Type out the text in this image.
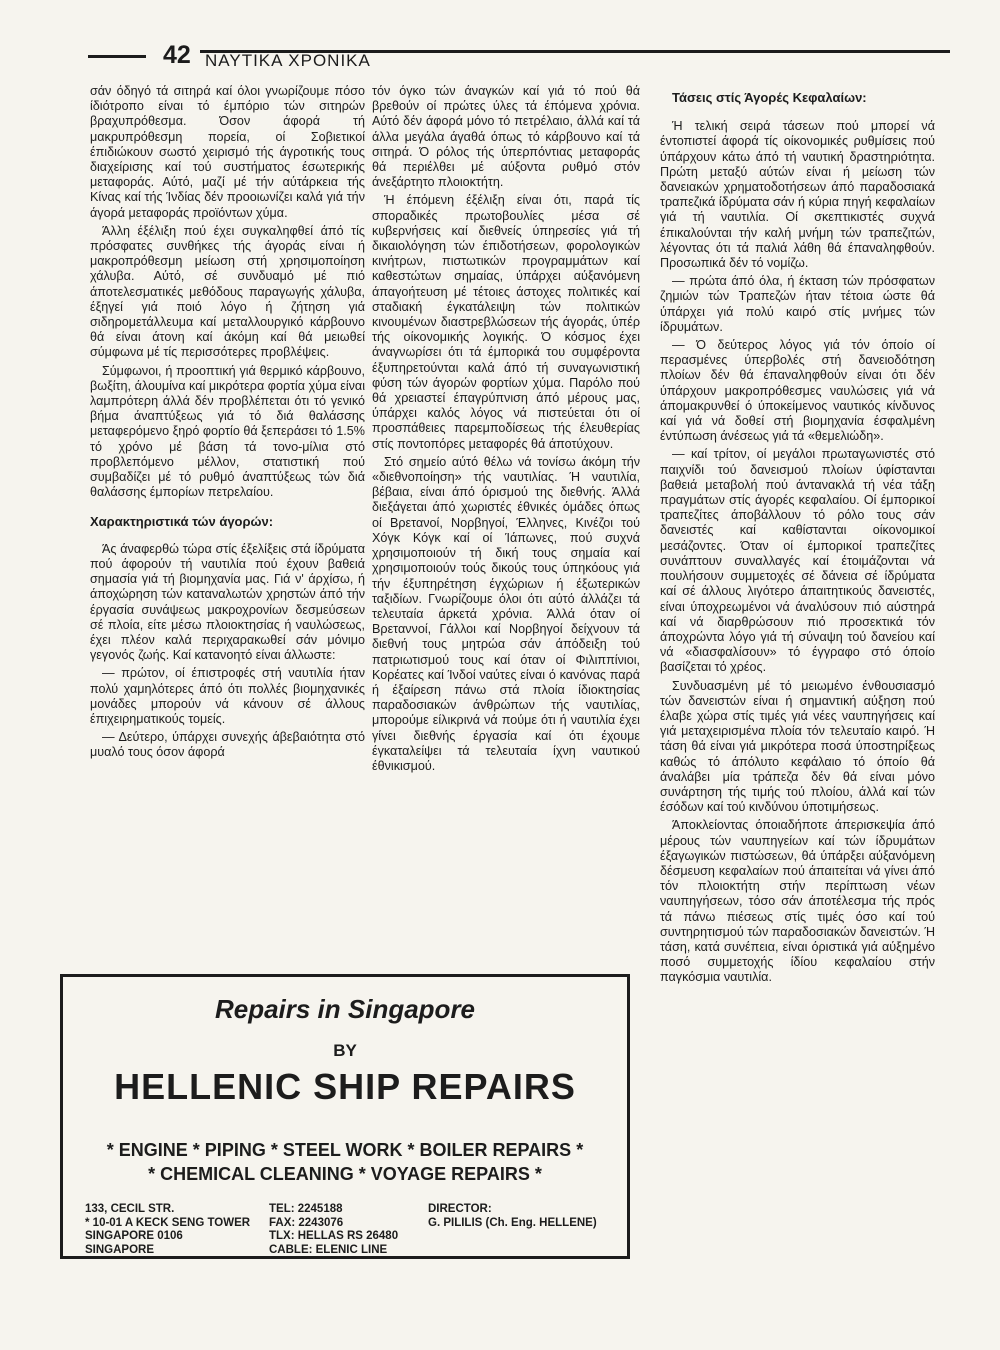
42 ΝΑΥΤΙΚΑ ΧΡΟΝΙΚΑ

σάν όδηγό τά σιτηρά καί όλοι γνωρίζουμε πόσο ίδιότροπο είναι τό έμπόριο τών σιτηρών βραχυπρόθεσμα. Όσον άφορά τή μακρυπρόθεσμη πορεία, οί Σοβιετικοί έπιδιώκουν σωστό χειρισμό τής άγροτικής τους διαχείρισης καί τού συστήματος έσωτερικής μεταφοράς. Αύτό, μαζί μέ τήν αύτάρκεια τής Κίνας καί τής Ίνδίας δέν προοιωνίζει καλά γιά τήν άγορά μεταφοράς προϊόντων χύμα.

Άλλη έξέλιξη πού έχει συγκαληφθεί άπό τίς πρόσφατες συνθήκες τής άγοράς είναι ή μακροπρόθεσμη μείωση στή χρησιμοποίηση χάλυβα. Αύτό, σέ συνδυαμό μέ πιό άποτελεσματικές μεθόδους παραγωγής χάλυβα, έξηγεί γιά ποιό λόγο ή ζήτηση γιά σιδηρομετάλλευμα καί μεταλλουργικό κάρβουνο θά είναι άτονη καί άκόμη καί θά μειωθεί σύμφωνα μέ τίς περισσότερες προβλέψεις.

Σύμφωνοι, ή προοπτική γιά θερμικό κάρβουνο, βωξίτη, άλουμίνα καί μικρότερα φορτία χύμα είναι λαμπρότερη άλλά δέν προβλέπεται ότι τό γενικό βήμα άναπτύξεως γιά τό διά θαλάσσης μεταφερόμενο ξηρό φορτίο θά ξεπεράσει τό 1.5% τό χρόνο μέ βάση τά τονο-μίλια στό προβλεπόμενο μέλλον, στατιστική πού συμβαδίζει μέ τό ρυθμό άναπτύξεως τών διά θαλάσσης έμπορίων πετρελαίου.

Χαρακτηριστικά τών άγορών:

Άς άναφερθώ τώρα στίς έξελίξεις στά ίδρύματα πού άφορούν τή ναυτιλία πού έχουν βαθειά σημασία γιά τή βιομηχανία μας. Γιά ν' άρχίσω, ή άποχώρηση τών καταναλωτών χρηστών άπό τήν έργασία συνάψεως μακροχρονίων δεσμεύσεων σέ πλοία, είτε μέσω πλοιοκτησίας ή ναυλώσεως, έχει πλέον καλά περιχαρακωθεί σάν μόνιμο γεγονός ζωής. Καί κατανοητό είναι άλλωστε:

— πρώτον, οί έπιστροφές στή ναυτιλία ήταν πολύ χαμηλότερες άπό ότι πολλές βιομηχανικές μονάδες μπορούν νά κάνουν σέ άλλους έπιχειρηματικούς τομείς.

— Δεύτερο, ύπάρχει συνεχής άβεβαιότητα στό μυαλό τους όσον άφορά

τόν όγκο τών άναγκών καί γιά τό πού θά βρεθούν οί πρώτες ύλες τά έπόμενα χρόνια. Αύτό δέν άφορά μόνο τό πετρέλαιο, άλλά καί τά άλλα μεγάλα άγαθά όπως τό κάρβουνο καί τά σιτηρά. Ό ρόλος τής ύπερπόντιας μεταφοράς θά περιέλθει μέ αύξοντα ρυθμό στόν άνεξάρτητο πλοιοκτήτη.

Ή έπόμενη έξέλιξη είναι ότι, παρά τίς σποραδικές πρωτοβουλίες μέσα σέ κυβερνήσεις καί διεθνείς ύπηρεσίες γιά τή δικαιολόγηση τών έπιδοτήσεων, φορολογικών κινήτρων, πιστωτικών προγραμμάτων καί καθεστώτων σημαίας, ύπάρχει αύξανόμενη άπαγοήτευση μέ τέτοιες άστοχες πολιτικές καί σταδιακή έγκατάλειψη τών πολιτικών κινουμένων διαστρεβλώσεων τής άγοράς, ύπέρ τής οίκονομικής λογικής. Ό κόσμος έχει άναγνωρίσει ότι τά έμπορικά του συμφέροντα έξυπηρετούνται καλά άπό τή συναγωνιστική φύση τών άγορών φορτίων χύμα. Παρόλο πού θά χρειαστεί έπαγρύπνιση άπό μέρους μας, ύπάρχει καλός λόγος νά πιστεύεται ότι οί προσπάθειες παρεμποδίσεως τής έλευθερίας στίς ποντοπόρες μεταφορές θά άποτύχουν.

Στό σημείο αύτό θέλω νά τονίσω άκόμη τήν «διεθνοποίηση» τής ναυτιλίας. Ή ναυτιλία, βέβαια, είναι άπό όρισμού της διεθνής. Άλλά διεξάγεται άπό χωριστές έθνικές όμάδες όπως οί Βρετανοί, Νορβηγοί, Έλληνες, Κινέζοι τού Χόγκ Κόγκ καί οί Ίάπωνες, πού συχνά χρησιμοποιούν τή δική τους σημαία καί χρησιμοποιούν τούς δικούς τους ύπηκόους γιά τήν έξυπηρέτηση έγχώριων ή έξωτερικών ταξιδίων. Γνωρίζουμε όλοι ότι αύτό άλλάζει τά τελευταία άρκετά χρόνια. Άλλά όταν οί Βρεταννοί, Γάλλοι καί Νορβηγοί δείχνουν τά διεθνή τους μητρώα σάν άπόδειξη τού πατριωτισμού τους καί όταν οί Φιλιππίνιοι, Κορέατες καί Ίνδοί ναύτες είναι ό κανόνας παρά ή έξαίρεση πάνω στά πλοία ίδιοκτησίας παραδοσιακών άνθρώπων τής ναυτιλίας, μπορούμε είλικρινά νά πούμε ότι ή ναυτιλία έχει γίνει διεθνής έργασία καί ότι έχουμε έγκαταλείψει τά τελευταία ίχνη ναυτικού έθνικισμού.

Τάσεις στίς Άγορές Κεφαλαίων:

Ή τελική σειρά τάσεων πού μπορεί νά έντοπιστεί άφορά τίς οίκονομικές ρυθμίσεις πού ύπάρχουν κάτω άπό τή ναυτική δραστηριότητα. Πρώτη μεταξύ αύτών είναι ή μείωση τών δανειακών χρηματοδοτήσεων άπό παραδοσιακά τραπεζικά ίδρύματα σάν ή κύρια πηγή κεφαλαίων γιά τή ναυτιλία. Οί σκεπτικιστές συχνά έπικαλούνται τήν καλή μνήμη τών τραπεζιτών, λέγοντας ότι τά παλιά λάθη θά έπαναληφθούν. Προσωπικά δέν τό νομίζω.

— πρώτα άπό όλα, ή έκταση τών πρόσφατων ζημιών τών Τραπεζών ήταν τέτοια ώστε θά ύπάρχει γιά πολύ καιρό στίς μνήμες τών ίδρυμάτων.

— Ό δεύτερος λόγος γιά τόν όποίο οί περασμένες ύπερβολές στή δανειοδότηση πλοίων δέν θά έπαναληφθούν είναι ότι δέν ύπάρχουν μακροπρόθεσμες ναυλώσεις γιά νά άπομακρυνθεί ό ύποκείμενος ναυτικός κίνδυνος καί γιά νά δοθεί στή βιομηχανία έσφαλμένη έντύπωση άνέσεως γιά τά «θεμελιώδη».

— καί τρίτον, οί μεγάλοι πρωταγωνιστές στό παιχνίδι τού δανεισμού πλοίων ύφίστανται βαθειά μεταβολή πού άντανακλά τή νέα τάξη πραγμάτων στίς άγορές κεφαλαίου. Οί έμπορικοί τραπεζίτες άποβάλλουν τό ρόλο τους σάν δανειστές καί καθίστανται οίκονομικοί μεσάζοντες. Όταν οί έμπορικοί τραπεζίτες συνάπτουν συναλλαγές καί έτοιμάζονται νά πουλήσουν συμμετοχές σέ δάνεια σέ ίδρύματα καί σέ άλλους λιγότερο άπαιτητικούς δανειστές, είναι ύποχρεωμένοι νά άναλύσουν πιό αύστηρά καί νά διαρθρώσουν πιό προσεκτικά τόν άποχρώντα λόγο γιά τή σύναψη τού δανείου καί νά «διασφαλίσουν» τό έγγραφο στό όποίο βασίζεται τό χρέος.

Συνδυασμένη μέ τό μειωμένο ένθουσιασμό τών δανειστών είναι ή σημαντική αύξηση πού έλαβε χώρα στίς τιμές γιά νέες ναυπηγήσεις καί γιά μεταχειρισμένα πλοία τόν τελευταίο καιρό. Ή τάση θά είναι γιά μικρότερα ποσά ύποστηρίξεως καθώς τό άπόλυτο κεφάλαιο τό όποίο θά άναλάβει μία τράπεζα δέν θά είναι μόνο συνάρτηση τής τιμής τού πλοίου, άλλά καί τών έσόδων καί τού κινδύνου ύποτιμήσεως.

Άποκλείοντας όποιαδήποτε άπερισκεψία άπό μέρους τών ναυπηγείων καί τών ίδρυμάτων έξαγωγικών πιστώσεων, θά ύπάρξει αύξανόμενη δέσμευση κεφαλαίων πού άπαιτείται νά γίνει άπό τόν πλοιοκτήτη στήν περίπτωση νέων ναυπηγήσεων, τόσο σάν άποτέλεσμα τής πρός τά πάνω πιέσεως στίς τιμές όσο καί τού συντηρητισμού τών παραδοσιακών δανειστών. Ή τάση, κατά συνέπεια, είναι όριστικά γιά αύξημένο ποσό συμμετοχής ίδίου κεφαλαίου στήν παγκόσμια ναυτιλία.

Repairs in Singapore
BY
HELLENIC SHIP REPAIRS
* ENGINE * PIPING * STEEL WORK * BOILER REPAIRS *
* CHEMICAL CLEANING * VOYAGE REPAIRS *
133, CECIL STR.
* 10-01 A KECK SENG TOWER
SINGAPORE 0106
SINGAPORE
TEL: 2245188
FAX: 2243076
TLX: HELLAS RS 26480
CABLE: ELENIC LINE
DIRECTOR:
G. PILILIS (Ch. Eng. HELLENE)
